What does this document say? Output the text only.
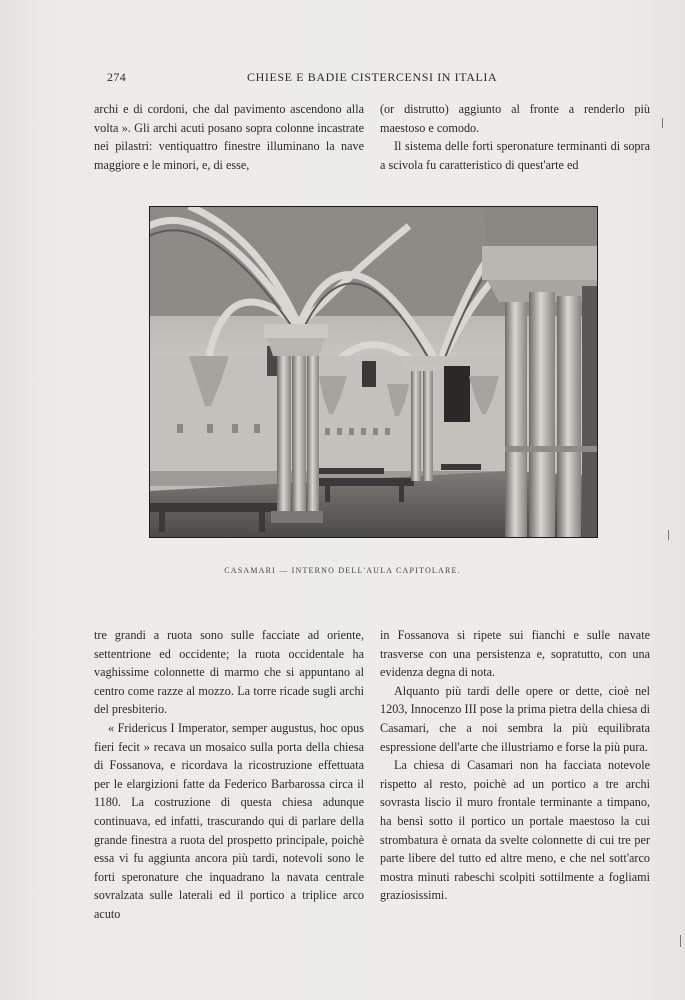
274	CHIESE E BADIE CISTERCENSI IN ITALIA

archi e di cordoni, che dal pavimento ascendono alla volta ». Gli archi acuti posano sopra colonne incastrate nei pilastri: ventiquattro finestre illuminano la nave maggiore e le minori, e, di esse,

(or distrutto) aggiunto al fronte a renderlo più maestoso e comodo.

Il sistema delle forti speronature terminanti di sopra a scivola fu caratteristico di quest'arte ed

CASAMARI — INTERNO DELL'AULA CAPITOLARE.

tre grandi a ruota sono sulle facciate ad oriente, settentrione ed occidente; la ruota occidentale ha vaghissime colonnette di marmo che si appuntano al centro come razze al mozzo. La torre ricade sugli archi del presbiterio.

« Fridericus I Imperator, semper augustus, hoc opus fieri fecit » recava un mosaico sulla porta della chiesa di Fossanova, e ricordava la ricostruzione effettuata per le elargizioni fatte da Federico Barbarossa circa il 1180. La costruzione di questa chiesa adunque continuava, ed infatti, trascurando qui di parlare della grande finestra a ruota del prospetto principale, poichè essa vi fu aggiunta ancora più tardi, notevoli sono le forti speronature che inquadrano la navata centrale sovralzata sulle laterali ed il portico a triplice arco acuto

in Fossanova si ripete sui fianchi e sulle navate trasverse con una persistenza e, sopratutto, con una evidenza degna di nota.

Alquanto più tardi delle opere or dette, cioè nel 1203, Innocenzo III pose la prima pietra della chiesa di Casamari, che a noi sembra la più equilibrata espressione dell'arte che illustriamo e forse la più pura.

La chiesa di Casamari non ha facciata notevole rispetto al resto, poichè ad un portico a tre archi sovrasta liscio il muro frontale terminante a timpano, ha bensì sotto il portico un portale maestoso la cui strombatura è ornata da svelte colonnette di cui tre per parte libere del tutto ed altre meno, e che nel sott'arco mostra minuti rabeschi scolpiti sottilmente a fogliami graziosissimi.
